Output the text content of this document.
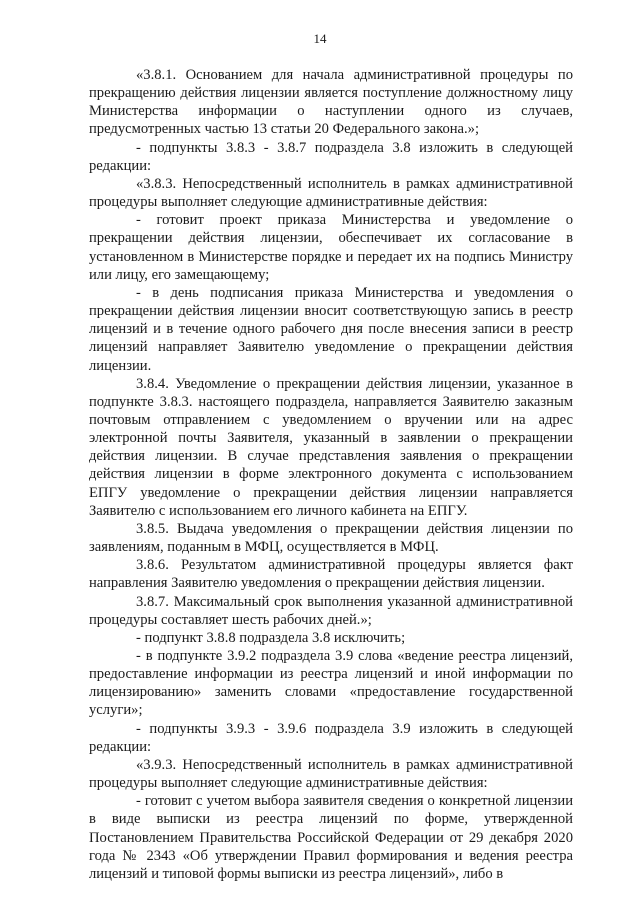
14

«3.8.1. Основанием для начала административной процедуры по прекращению действия лицензии является поступление должностному лицу Министерства информации о наступлении одного из случаев, предусмотренных частью 13 статьи 20 Федерального закона.»;

- подпункты 3.8.3 - 3.8.7 подраздела 3.8 изложить в следующей редакции:

«3.8.3. Непосредственный исполнитель в рамках административной процедуры выполняет следующие административные действия:

- готовит проект приказа Министерства и уведомление о прекращении действия лицензии, обеспечивает их согласование в установленном в Министерстве порядке и передает их на подпись Министру или лицу, его замещающему;

- в день подписания приказа Министерства и уведомления о прекращении действия лицензии вносит соответствующую запись в реестр лицензий и в течение одного рабочего дня после внесения записи в реестр лицензий направляет Заявителю уведомление о прекращении действия лицензии.

3.8.4. Уведомление о прекращении действия лицензии, указанное в подпункте 3.8.3. настоящего подраздела, направляется Заявителю заказным почтовым отправлением с уведомлением о вручении или на адрес электронной почты Заявителя, указанный в заявлении о прекращении действия лицензии. В случае представления заявления о прекращении действия лицензии в форме электронного документа с использованием ЕПГУ уведомление о прекращении действия лицензии направляется Заявителю с использованием его личного кабинета на ЕПГУ.

3.8.5. Выдача уведомления о прекращении действия лицензии по заявлениям, поданным в МФЦ, осуществляется в МФЦ.

3.8.6. Результатом административной процедуры является факт направления Заявителю уведомления о прекращении действия лицензии.

3.8.7. Максимальный срок выполнения указанной административной процедуры составляет шесть рабочих дней.»;

- подпункт 3.8.8 подраздела 3.8 исключить;

- в подпункте 3.9.2 подраздела 3.9 слова «ведение реестра лицензий, предоставление информации из реестра лицензий и иной информации по лицензированию» заменить словами «предоставление государственной услуги»;

- подпункты 3.9.3 - 3.9.6 подраздела 3.9 изложить в следующей редакции:

«3.9.3. Непосредственный исполнитель в рамках административной процедуры выполняет следующие административные действия:

- готовит с учетом выбора заявителя сведения о конкретной лицензии в виде выписки из реестра лицензий по форме, утвержденной Постановлением Правительства Российской Федерации от 29 декабря 2020 года № 2343 «Об утверждении Правил формирования и ведения реестра лицензий и типовой формы выписки из реестра лицензий», либо в
